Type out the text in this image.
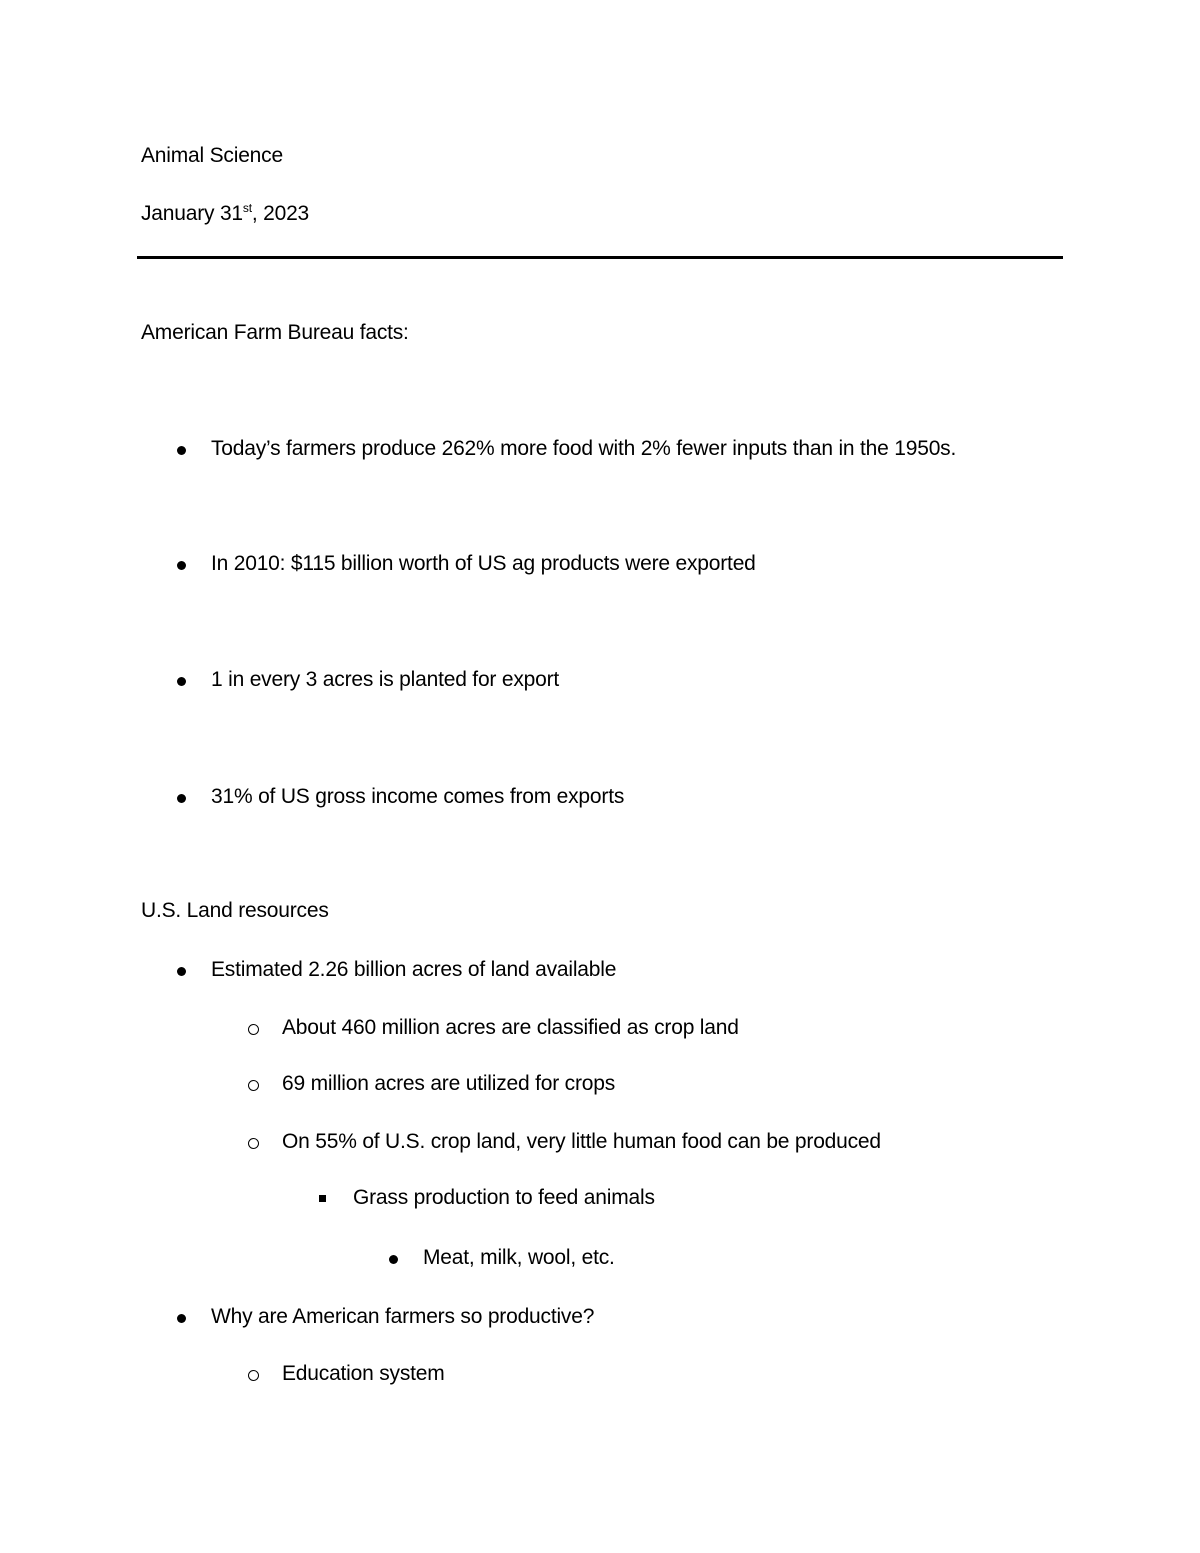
Animal Science
January 31st, 2023
American Farm Bureau facts:
Today’s farmers produce 262% more food with 2% fewer inputs than in the 1950s.
In 2010: $115 billion worth of US ag products were exported
1 in every 3 acres is planted for export
31% of US gross income comes from exports
U.S. Land resources
Estimated 2.26 billion acres of land available
About 460 million acres are classified as crop land
69 million acres are utilized for crops
On 55% of U.S. crop land, very little human food can be produced
Grass production to feed animals
Meat, milk, wool, etc.
Why are American farmers so productive?
Education system
